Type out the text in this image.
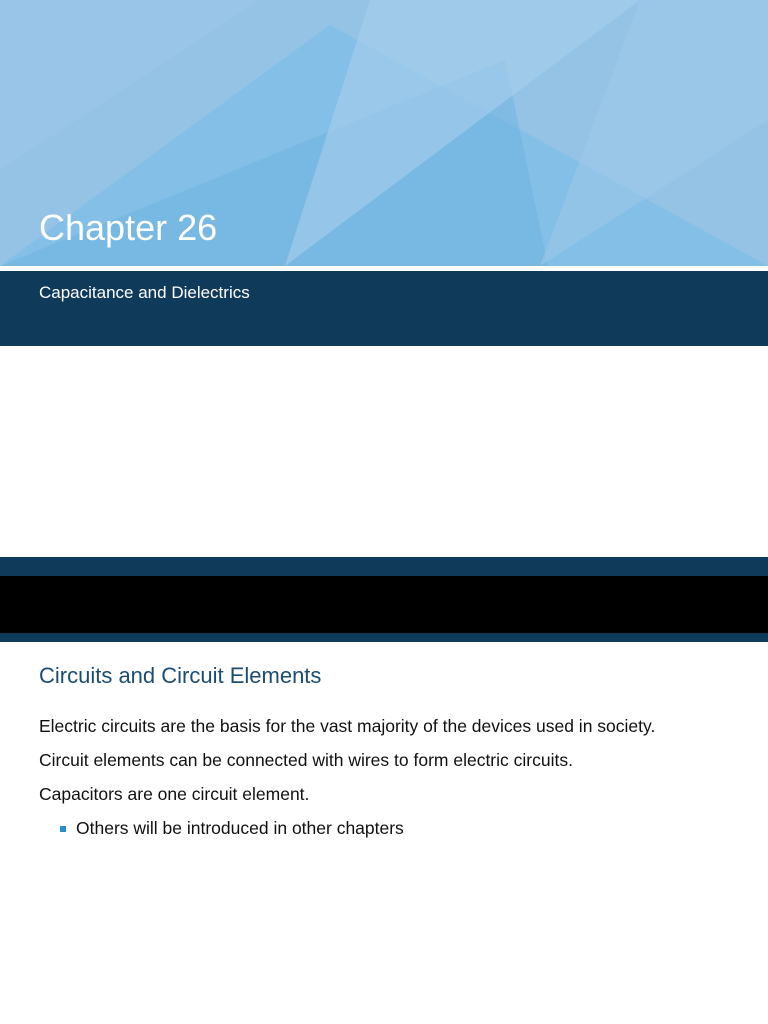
Chapter 26
Capacitance and Dielectrics
Circuits and Circuit Elements
Electric circuits are the basis for the vast majority of the devices used in society.
Circuit elements can be connected with wires to form electric circuits.
Capacitors are one circuit element.
Others will be introduced in other chapters
